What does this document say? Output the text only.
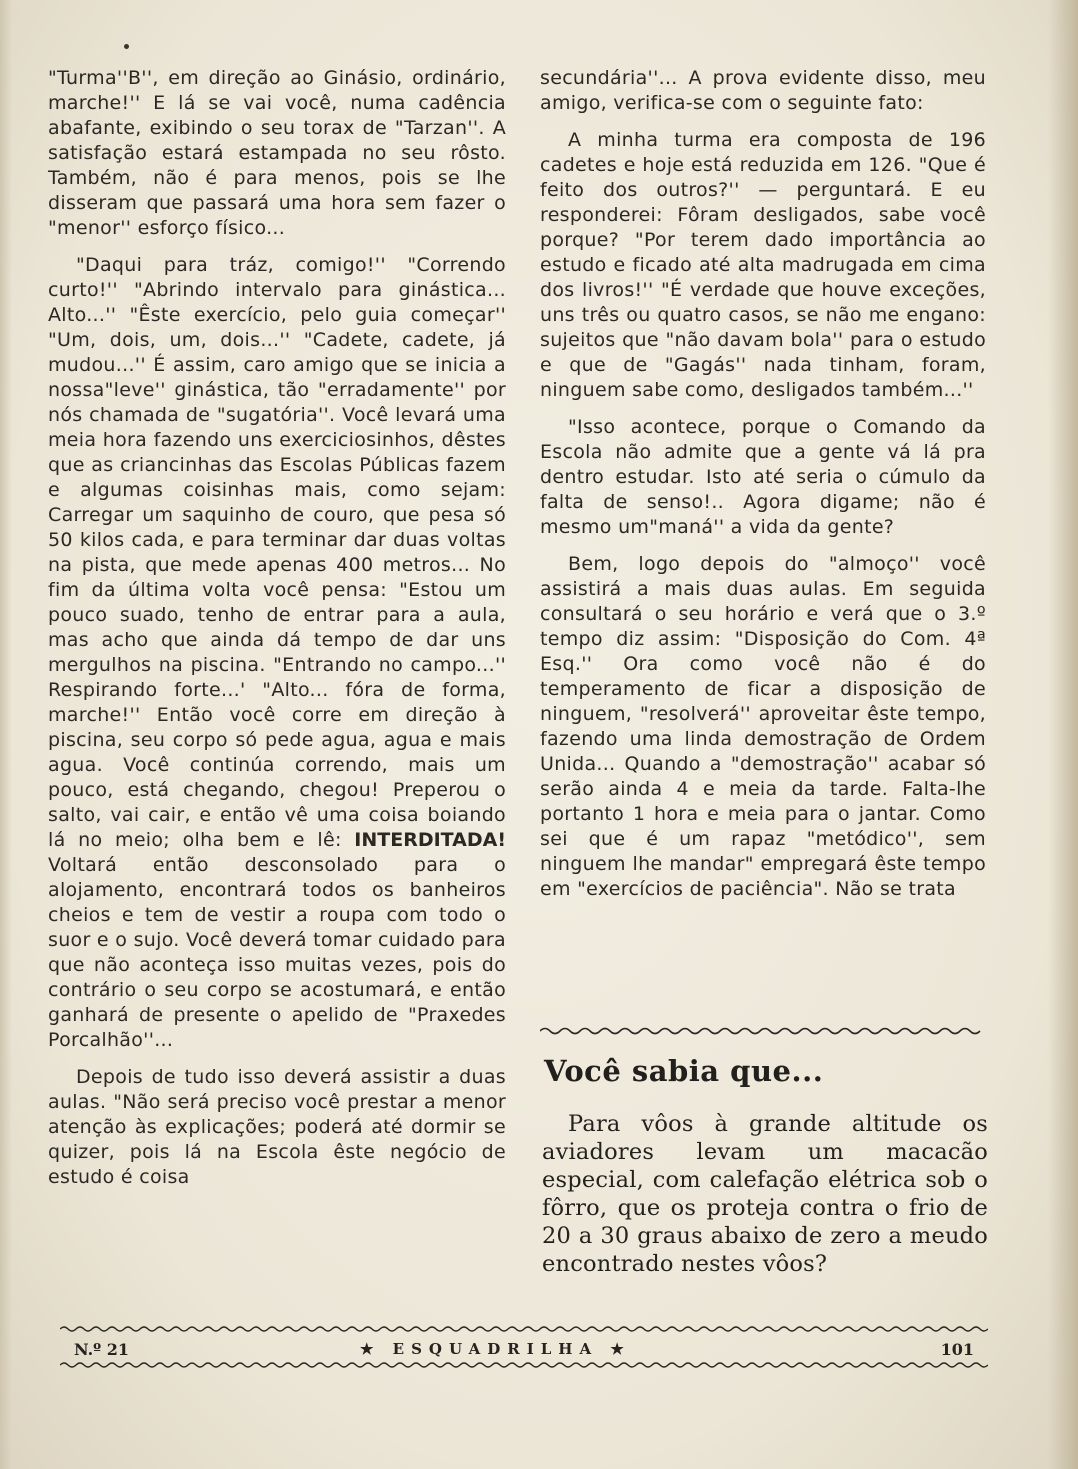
"Turma''B'', em direção ao Ginásio, ordinário, marche!'' E lá se vai você, numa cadência abafante, exibindo o seu torax de "Tarzan''. A satisfação estará estampada no seu rôsto. Também, não é para menos, pois se lhe disseram que passará uma hora sem fazer o "menor'' esforço físico...

"Daqui para tráz, comigo!'' "Correndo curto!'' "Abrindo intervalo para ginástica... Alto...'' "Êste exercício, pelo guia começar'' "Um, dois, um, dois...'' "Cadete, cadete, já mudou...'' É assim, caro amigo que se inicia a nossa"leve'' ginástica, tão "erradamente'' por nós chamada de "sugatória''. Você levará uma meia hora fazendo uns exerciciosinhos, dêstes que as criancinhas das Escolas Públicas fazem e algumas coisinhas mais, como sejam: Carregar um saquinho de couro, que pesa só 50 kilos cada, e para terminar dar duas voltas na pista, que mede apenas 400 metros... No fim da última volta você pensa: "Estou um pouco suado, tenho de entrar para a aula, mas acho que ainda dá tempo de dar uns mergulhos na piscina. "Entrando no campo...'' Respirando forte...' "Alto... fóra de forma, marche!'' Então você corre em direção à piscina, seu corpo só pede agua, agua e mais agua. Você continúa correndo, mais um pouco, está chegando, chegou! Preperou o salto, vai cair, e então vê uma coisa boiando lá no meio; olha bem e lê: INTERDITADA! Voltará então desconsolado para o alojamento, encontrará todos os banheiros cheios e tem de vestir a roupa com todo o suor e o sujo. Você deverá tomar cuidado para que não aconteça isso muitas vezes, pois do contrário o seu corpo se acostumará, e então ganhará de presente o apelido de "Praxedes Porcalhão''...

Depois de tudo isso deverá assistir a duas aulas. "Não será preciso você prestar a menor atenção às explicações; poderá até dormir se quizer, pois lá na Escola êste negócio de estudo é coisa

secundária''... A prova evidente disso, meu amigo, verifica-se com o seguinte fato:

A minha turma era composta de 196 cadetes e hoje está reduzida em 126. "Que é feito dos outros?'' — perguntará. E eu responderei: Fôram desligados, sabe você porque? "Por terem dado importância ao estudo e ficado até alta madrugada em cima dos livros!'' "É verdade que houve exceções, uns três ou quatro casos, se não me engano: sujeitos que "não davam bola'' para o estudo e que de "Gagás'' nada tinham, foram, ninguem sabe como, desligados também...''

"Isso acontece, porque o Comando da Escola não admite que a gente vá lá pra dentro estudar. Isto até seria o cúmulo da falta de senso!.. Agora digame; não é mesmo um"maná'' a vida da gente?

Bem, logo depois do "almoço'' você assistirá a mais duas aulas. Em seguida consultará o seu horário e verá que o 3.º tempo diz assim: "Disposição do Com. 4ª Esq.'' Ora como você não é do temperamento de ficar a disposição de ninguem, "resolverá'' aproveitar êste tempo, fazendo uma linda demostração de Ordem Unida... Quando a "demostração'' acabar só serão ainda 4 e meia da tarde. Falta-lhe portanto 1 hora e meia para o jantar. Como sei que é um rapaz "metódico'', sem ninguem lhe mandar" empregará êste tempo em "exercícios de paciência". Não se trata

Você sabia que...

Para vôos à grande altitude os aviadores levam um macacão especial, com calefação elétrica sob o fôrro, que os proteja contra o frio de 20 a 30 graus abaixo de zero a meudo encontrado nestes vôos?

N.º 21	★ ESQUADRILHA ★	101
